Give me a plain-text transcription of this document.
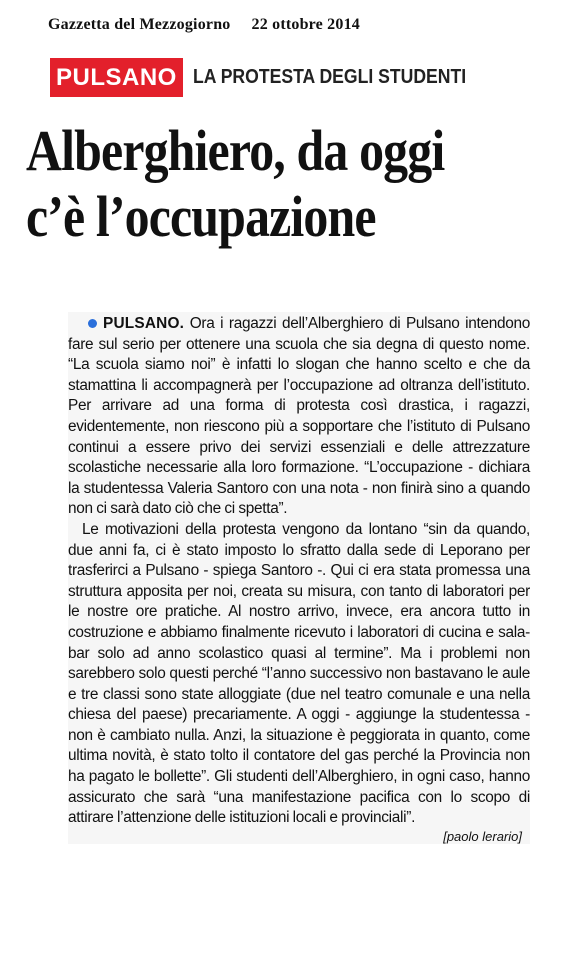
Gazzetta del Mezzogiorno 22 ottobre 2014
PULSANO LA PROTESTA DEGLI STUDENTI
Alberghiero, da oggi
c’è l’occupazione

PULSANO. Ora i ragazzi dell’Alberghiero di Pulsano intendono fare sul serio per ottenere una scuola che sia degna di questo nome. “La scuola siamo noi” è infatti lo slogan che hanno scelto e che da stamattina li accompagnerà per l’occupazione ad oltranza dell’istituto. Per arrivare ad una forma di protesta così drastica, i ragazzi, evidentemente, non riescono più a sopportare che l’istituto di Pulsano continui a essere privo dei servizi essenziali e delle attrezzature scolastiche necessarie alla loro formazione. “L’occupazione - dichiara la studentessa Valeria Santoro con una nota - non finirà sino a quando non ci sarà dato ciò che ci spetta”.

Le motivazioni della protesta vengono da lontano “sin da quando, due anni fa, ci è stato imposto lo sfratto dalla sede di Leporano per trasferirci a Pulsano - spiega Santoro -. Qui ci era stata promessa una struttura apposita per noi, creata su misura, con tanto di laboratori per le nostre ore pratiche. Al nostro arrivo, invece, era ancora tutto in costruzione e abbiamo finalmente ricevuto i laboratori di cucina e sala-bar solo ad anno scolastico quasi al termine”. Ma i problemi non sarebbero solo questi perché “l’anno successivo non bastavano le aule e tre classi sono state alloggiate (due nel teatro comunale e una nella chiesa del paese) precariamente. A oggi - aggiunge la studentessa - non è cambiato nulla. Anzi, la situazione è peggiorata in quanto, come ultima novità, è stato tolto il contatore del gas perché la Provincia non ha pagato le bollette”. Gli studenti dell’Alberghiero, in ogni caso, hanno assicurato che sarà “una manifestazione pacifica con lo scopo di attirare l’attenzione delle istituzioni locali e provinciali”.

[paolo lerario]
